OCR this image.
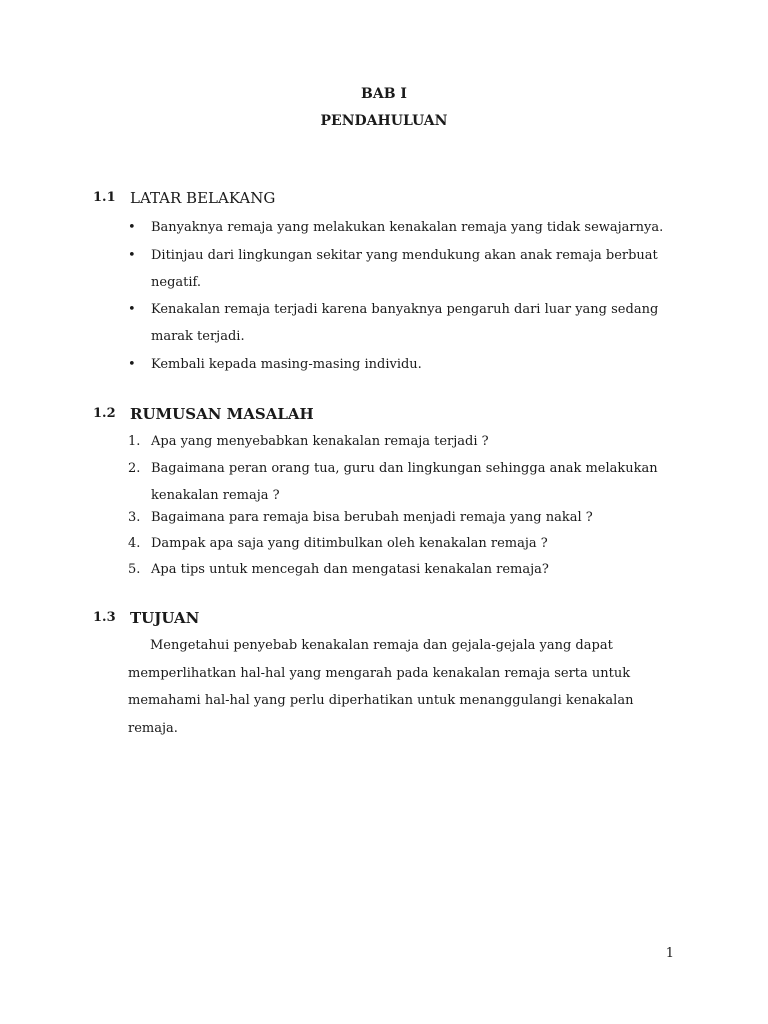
BAB I
PENDAHULUAN
1.1 LATAR BELAKANG
• Banyaknya remaja yang melakukan kenakalan remaja yang tidak sewajarnya.
• Ditinjau dari lingkungan sekitar yang mendukung akan anak remaja berbuat negatif.
• Kenakalan remaja terjadi karena banyaknya pengaruh dari luar yang sedang marak terjadi.
• Kembali kepada masing-masing individu.
1.2 RUMUSAN MASALAH
1. Apa yang menyebabkan kenakalan remaja terjadi ?
2. Bagaimana peran orang tua, guru dan lingkungan sehingga anak melakukan kenakalan remaja ?
3. Bagaimana para remaja bisa berubah menjadi remaja yang nakal ?
4. Dampak apa saja yang ditimbulkan oleh kenakalan remaja ?
5. Apa tips untuk mencegah dan mengatasi kenakalan remaja?
1.3 TUJUAN
Mengetahui penyebab kenakalan remaja dan gejala-gejala yang dapat memperlihatkan hal-hal yang mengarah pada kenakalan remaja serta untuk memahami hal-hal yang perlu diperhatikan untuk menanggulangi kenakalan remaja.
1
